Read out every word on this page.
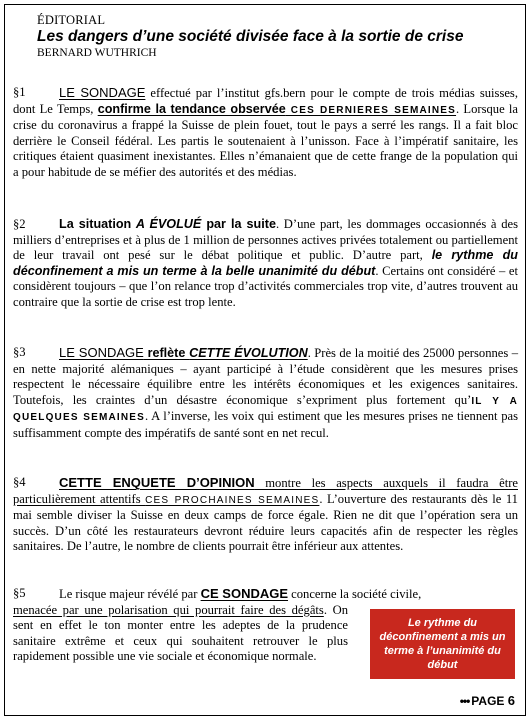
ÉDITORIAL
Les dangers d’une société divisée face à la sortie de crise
BERNARD WUTHRICH
§1	LE SONDAGE effectué par l’institut gfs.bern pour le compte de trois médias suisses, dont Le Temps, confirme la tendance observée CES DERNIERES SEMAINES. Lorsque la crise du coronavirus a frappé la Suisse de plein fouet, tout le pays a serré les rangs. Il a fait bloc derrière le Conseil fédéral. Les partis le soutenaient à l’unisson. Face à l’impératif sanitaire, les critiques étaient quasiment inexistantes. Elles n’émanaient que de cette frange de la population qui a pour habitude de se méfier des autorités et des médias.
§2	La situation A ÉVOLUÉ par la suite. D’une part, les dommages occasionnés à des milliers d’entreprises et à plus de 1 million de personnes actives privées totalement ou partiellement de leur travail ont pesé sur le débat politique et public. D’autre part, le rythme du déconfinement a mis un terme à la belle unanimité du début. Certains ont considéré – et considèrent toujours – que l’on relance trop d’activités commerciales trop vite, d’autres trouvent au contraire que la sortie de crise est trop lente.
§3	LE SONDAGE reflète CETTE ÉVOLUTION. Près de la moitié des 25000 personnes – en nette majorité alémaniques – ayant participé à l’étude considèrent que les mesures prises respectent le nécessaire équilibre entre les intérêts économiques et les exigences sanitaires. Toutefois, les craintes d’un désastre économique s’expriment plus fortement qu’IL Y A QUELQUES SEMAINES. A l’inverse, les voix qui estiment que les mesures prises ne tiennent pas suffisamment compte des impératifs de santé sont en net recul.
§4	CETTE ENQUETE D’OPINION montre les aspects auxquels il faudra être particulièrement attentifs CES PROCHAINES SEMAINES. L’ouverture des restaurants dès le 11 mai semble diviser la Suisse en deux camps de force égale. Rien ne dit que l’opération sera un succès. D’un côté les restaurateurs devront réduire leurs capacités afin de respecter les règles sanitaires. De l’autre, le nombre de clients pourrait être inférieur aux attentes.
§5	Le risque majeur révélé par CE SONDAGE concerne la société civile,
menacée par une polarisation qui pourrait faire des dégâts. On sent en effet le ton monter entre les adeptes de la prudence sanitaire extrême et ceux qui souhaitent retrouver le plus rapidement possible une vie sociale et économique normale.
Le rythme du déconfinement a mis un terme à l’unanimité du début
••• PAGE 6
